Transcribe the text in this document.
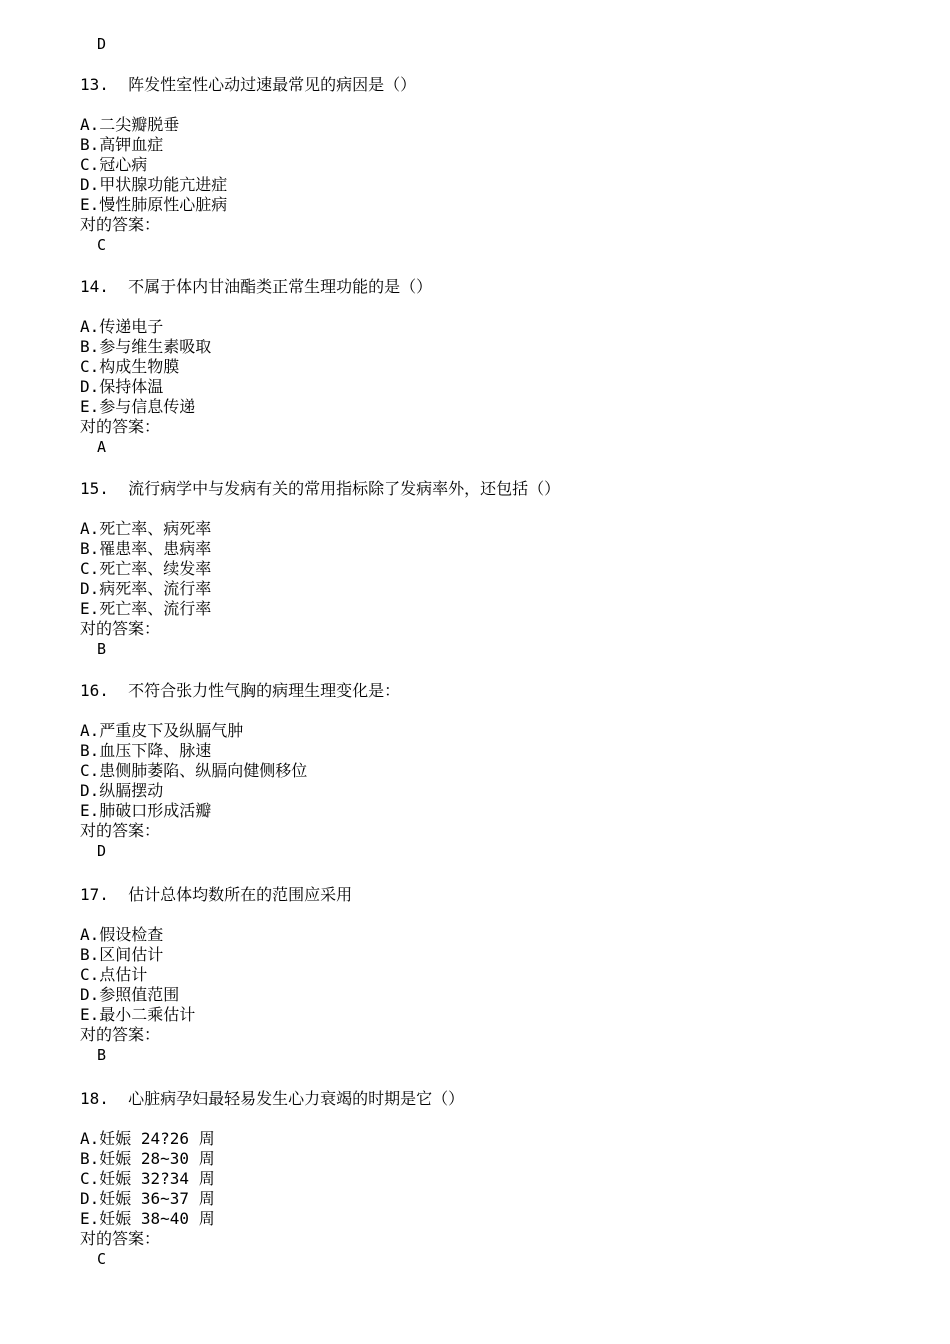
D
13. 阵发性室性心动过速最常见的病因是（）
A.二尖瓣脱垂
B.高钾血症
C.冠心病
D.甲状腺功能亢进症
E.慢性肺原性心脏病
对的答案：
C
14. 不属于体内甘油酯类正常生理功能的是（）
A.传递电子
B.参与维生素吸取
C.构成生物膜
D.保持体温
E.参与信息传递
对的答案：
A
15. 流行病学中与发病有关的常用指标除了发病率外，还包括（）
A.死亡率、病死率
B.罹患率、患病率
C.死亡率、续发率
D.病死率、流行率
E.死亡率、流行率
对的答案：
B
16. 不符合张力性气胸的病理生理变化是：
A.严重皮下及纵膈气肿
B.血压下降、脉速
C.患侧肺萎陷、纵膈向健侧移位
D.纵膈摆动
E.肺破口形成活瓣
对的答案：
D
17. 估计总体均数所在的范围应采用
A.假设检查
B.区间估计
C.点估计
D.参照值范围
E.最小二乘估计
对的答案：
B
18. 心脏病孕妇最轻易发生心力衰竭的时期是它（）
A.妊娠 24?26 周
B.妊娠 28~30 周
C.妊娠 32?34 周
D.妊娠 36~37 周
E.妊娠 38~40 周
对的答案：
C
